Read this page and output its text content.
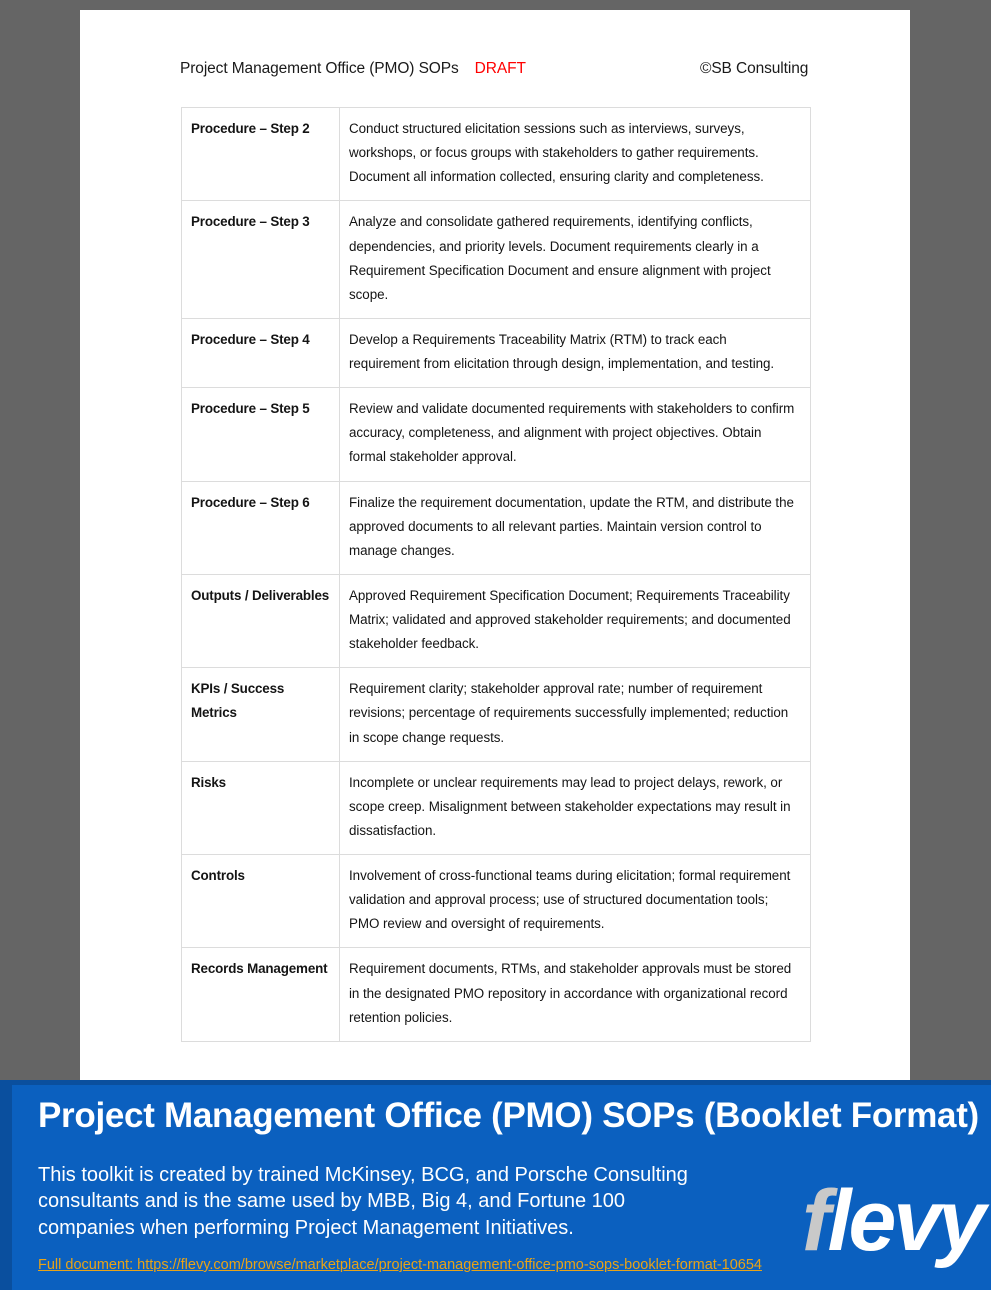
Project Management Office (PMO) SOPs DRAFT	©SB Consulting
Procedure – Step 2	Conduct structured elicitation sessions such as interviews, surveys, workshops, or focus groups with stakeholders to gather requirements. Document all information collected, ensuring clarity and completeness.
Procedure – Step 3	Analyze and consolidate gathered requirements, identifying conflicts, dependencies, and priority levels. Document requirements clearly in a Requirement Specification Document and ensure alignment with project scope.
Procedure – Step 4	Develop a Requirements Traceability Matrix (RTM) to track each requirement from elicitation through design, implementation, and testing.
Procedure – Step 5	Review and validate documented requirements with stakeholders to confirm accuracy, completeness, and alignment with project objectives. Obtain formal stakeholder approval.
Procedure – Step 6	Finalize the requirement documentation, update the RTM, and distribute the approved documents to all relevant parties. Maintain version control to manage changes.
Outputs / Deliverables	Approved Requirement Specification Document; Requirements Traceability Matrix; validated and approved stakeholder requirements; and documented stakeholder feedback.
KPIs / Success Metrics	Requirement clarity; stakeholder approval rate; number of requirement revisions; percentage of requirements successfully implemented; reduction in scope change requests.
Risks	Incomplete or unclear requirements may lead to project delays, rework, or scope creep. Misalignment between stakeholder expectations may result in dissatisfaction.
Controls	Involvement of cross-functional teams during elicitation; formal requirement validation and approval process; use of structured documentation tools; PMO review and oversight of requirements.
Records Management	Requirement documents, RTMs, and stakeholder approvals must be stored in the designated PMO repository in accordance with organizational record retention policies.
Project Management Office (PMO) SOPs (Booklet Format)
This toolkit is created by trained McKinsey, BCG, and Porsche Consulting consultants and is the same used by MBB, Big 4, and Fortune 100 companies when performing Project Management Initiatives.
Full document: https://flevy.com/browse/marketplace/project-management-office-pmo-sops-booklet-format-10654 flevy
